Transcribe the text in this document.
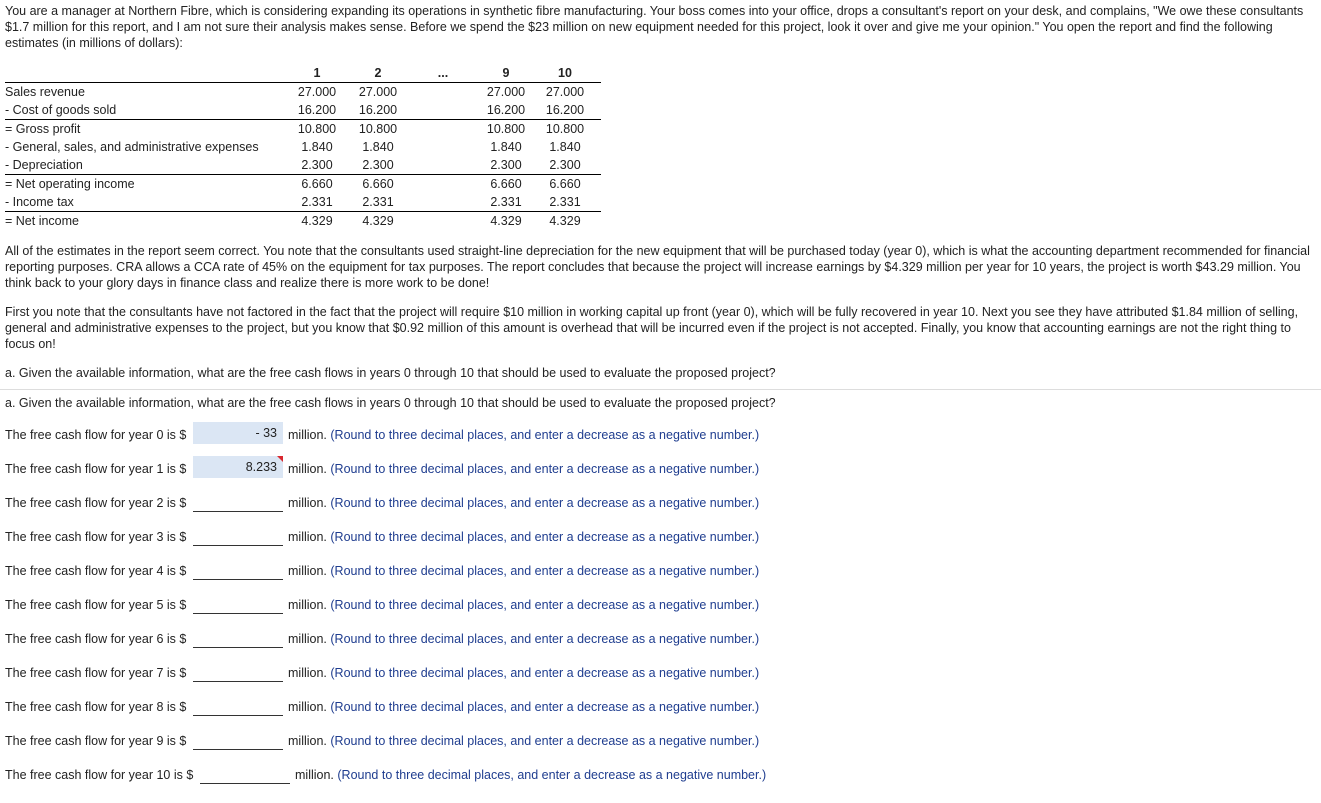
You are a manager at Northern Fibre, which is considering expanding its operations in synthetic fibre manufacturing. Your boss comes into your office, drops a consultant's report on your desk, and complains, "We owe these consultants $1.7 million for this report, and I am not sure their analysis makes sense. Before we spend the $23 million on new equipment needed for this project, look it over and give me your opinion." You open the report and find the following estimates (in millions of dollars):

1	2	...	9	10
Sales revenue	27.000	27.000	27.000	27.000
- Cost of goods sold	16.200	16.200	16.200	16.200
= Gross profit	10.800	10.800	10.800	10.800
- General, sales, and administrative expenses	1.840	1.840	1.840	1.840
- Depreciation	2.300	2.300	2.300	2.300
= Net operating income	6.660	6.660	6.660	6.660
- Income tax	2.331	2.331	2.331	2.331
= Net income	4.329	4.329	4.329	4.329

All of the estimates in the report seem correct. You note that the consultants used straight-line depreciation for the new equipment that will be purchased today (year 0), which is what the accounting department recommended for financial reporting purposes. CRA allows a CCA rate of 45% on the equipment for tax purposes. The report concludes that because the project will increase earnings by $4.329 million per year for 10 years, the project is worth $43.29 million. You think back to your glory days in finance class and realize there is more work to be done!

First you note that the consultants have not factored in the fact that the project will require $10 million in working capital up front (year 0), which will be fully recovered in year 10. Next you see they have attributed $1.84 million of selling, general and administrative expenses to the project, but you know that $0.92 million of this amount is overhead that will be incurred even if the project is not accepted. Finally, you know that accounting earnings are not the right thing to focus on!

a. Given the available information, what are the free cash flows in years 0 through 10 that should be used to evaluate the proposed project?
a. Given the available information, what are the free cash flows in years 0 through 10 that should be used to evaluate the proposed project?
The free cash flow for year 0 is $	- 33 million. (Round to three decimal places, and enter a decrease as a negative number.)
The free cash flow for year 1 is $	8.233 million. (Round to three decimal places, and enter a decrease as a negative number.)
The free cash flow for year 2 is $	million. (Round to three decimal places, and enter a decrease as a negative number.)
The free cash flow for year 3 is $	million. (Round to three decimal places, and enter a decrease as a negative number.)
The free cash flow for year 4 is $	million. (Round to three decimal places, and enter a decrease as a negative number.)
The free cash flow for year 5 is $	million. (Round to three decimal places, and enter a decrease as a negative number.)
The free cash flow for year 6 is $	million. (Round to three decimal places, and enter a decrease as a negative number.)
The free cash flow for year 7 is $	million. (Round to three decimal places, and enter a decrease as a negative number.)
The free cash flow for year 8 is $	million. (Round to three decimal places, and enter a decrease as a negative number.)
The free cash flow for year 9 is $	million. (Round to three decimal places, and enter a decrease as a negative number.)
The free cash flow for year 10 is $	million. (Round to three decimal places, and enter a decrease as a negative number.)
